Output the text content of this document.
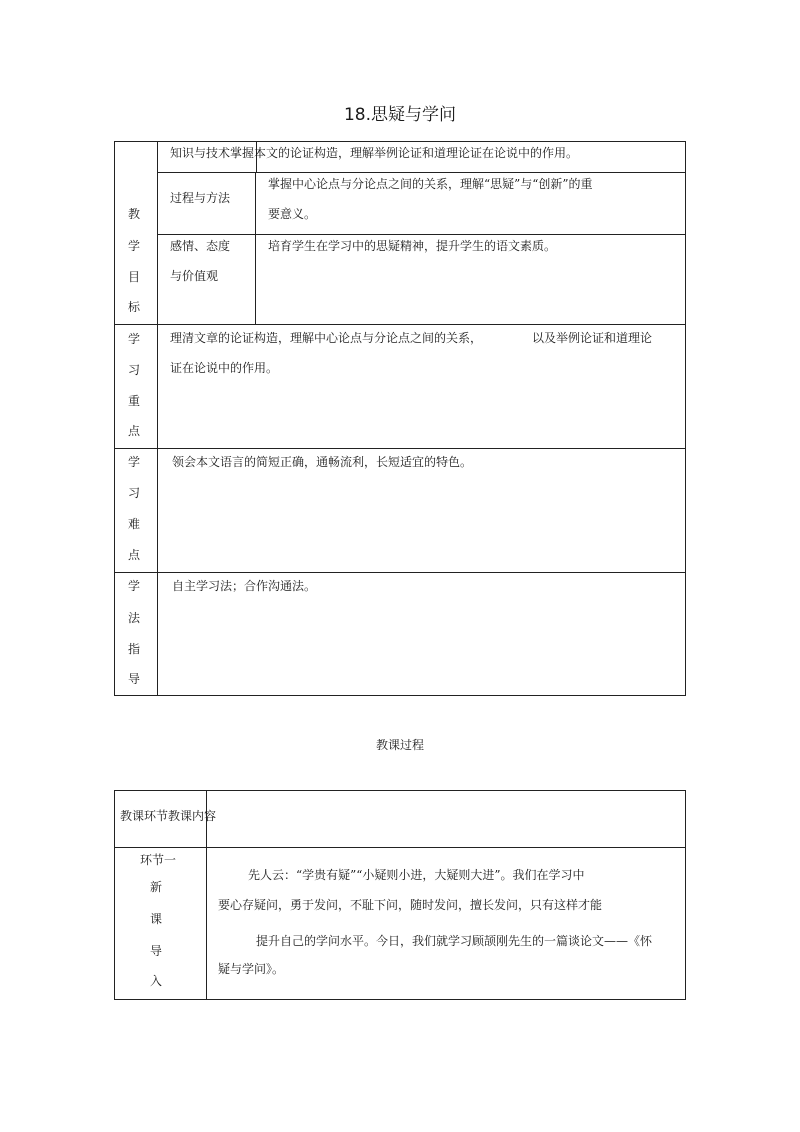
18.思疑与学问
教
学
目
标
知识与技术掌握本文的论证构造，理解举例论证和道理论证在论说中的作用。
过程与方法
掌握中心论点与分论点之间的关系，理解“思疑”与“创新”的重
要意义。
感情、态度
与价值观
培育学生在学习中的思疑精神，提升学生的语文素质。
学
习
重
点
理清文章的论证构造，理解中心论点与分论点之间的关系，	以及举例论证和道理论
证在论说中的作用。
学
习
难
点
领会本文语言的简短正确，通畅流利，长短适宜的特色。
学
法
指
导
自主学习法；合作沟通法。
教课过程
教课环节教课内容
环节一
新
课
导
入
先人云：“学贵有疑”“小疑则小进，大疑则大进”。我们在学习中
要心存疑问，勇于发问，不耻下问，随时发问，擅长发问，只有这样才能
提升自己的学问水平。今日，我们就学习顾颉刚先生的一篇谈论文——《怀
疑与学问》。
